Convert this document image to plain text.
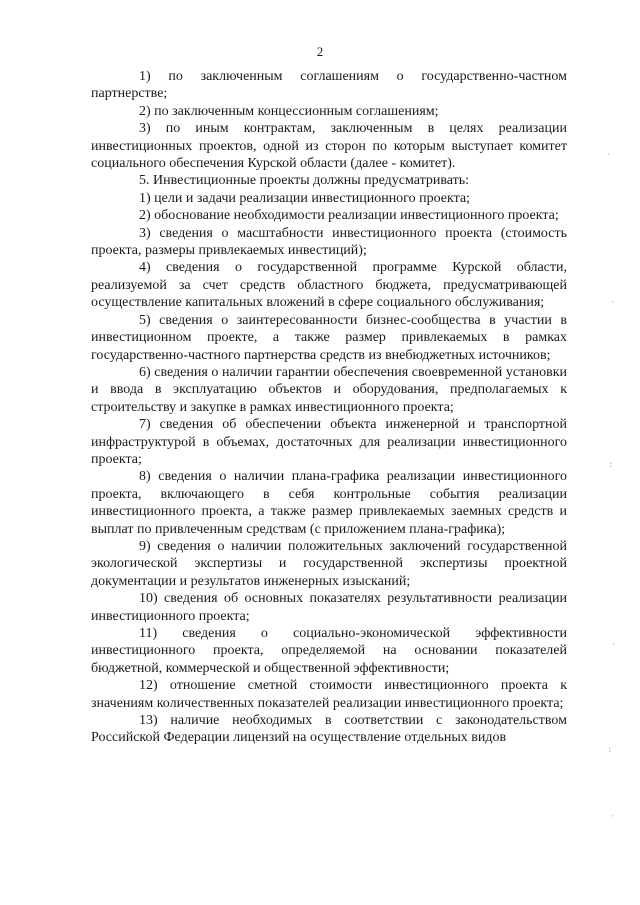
2

1) по заключенным соглашениям о государственно-частном партнерстве;

2) по заключенным концессионным соглашениям;

3) по иным контрактам, заключенным в целях реализации инвестиционных проектов, одной из сторон по которым выступает комитет социального обеспечения Курской области (далее - комитет).

5. Инвестиционные проекты должны предусматривать:

1) цели и задачи реализации инвестиционного проекта;

2) обоснование необходимости реализации инвестиционного проекта;

3) сведения о масштабности инвестиционного проекта (стоимость проекта, размеры привлекаемых инвестиций);

4) сведения о государственной программе Курской области, реализуемой за счет средств областного бюджета, предусматривающей осуществление капитальных вложений в сфере социального обслуживания;

5) сведения о заинтересованности бизнес-сообщества в участии в инвестиционном проекте, а также размер привлекаемых в рамках государственно-частного партнерства средств из внебюджетных источников;

6) сведения о наличии гарантии обеспечения своевременной установки и ввода в эксплуатацию объектов и оборудования, предполагаемых к строительству и закупке в рамках инвестиционного проекта;

7) сведения об обеспечении объекта инженерной и транспортной инфраструктурой в объемах, достаточных для реализации инвестиционного проекта;

8) сведения о наличии плана-графика реализации инвестиционного проекта, включающего в себя контрольные события реализации инвестиционного проекта, а также размер привлекаемых заемных средств и выплат по привлеченным средствам (с приложением плана-графика);

9) сведения о наличии положительных заключений государственной экологической экспертизы и государственной экспертизы проектной документации и результатов инженерных изысканий;

10) сведения об основных показателях результативности реализации инвестиционного проекта;

11) сведения о социально-экономической эффективности инвестиционного проекта, определяемой на основании показателей бюджетной, коммерческой и общественной эффективности;

12) отношение сметной стоимости инвестиционного проекта к значениям количественных показателей реализации инвестиционного проекта;

13) наличие необходимых в соответствии с законодательством Российской Федерации лицензий на осуществление отдельных видов

·
·
:
·
:
·
